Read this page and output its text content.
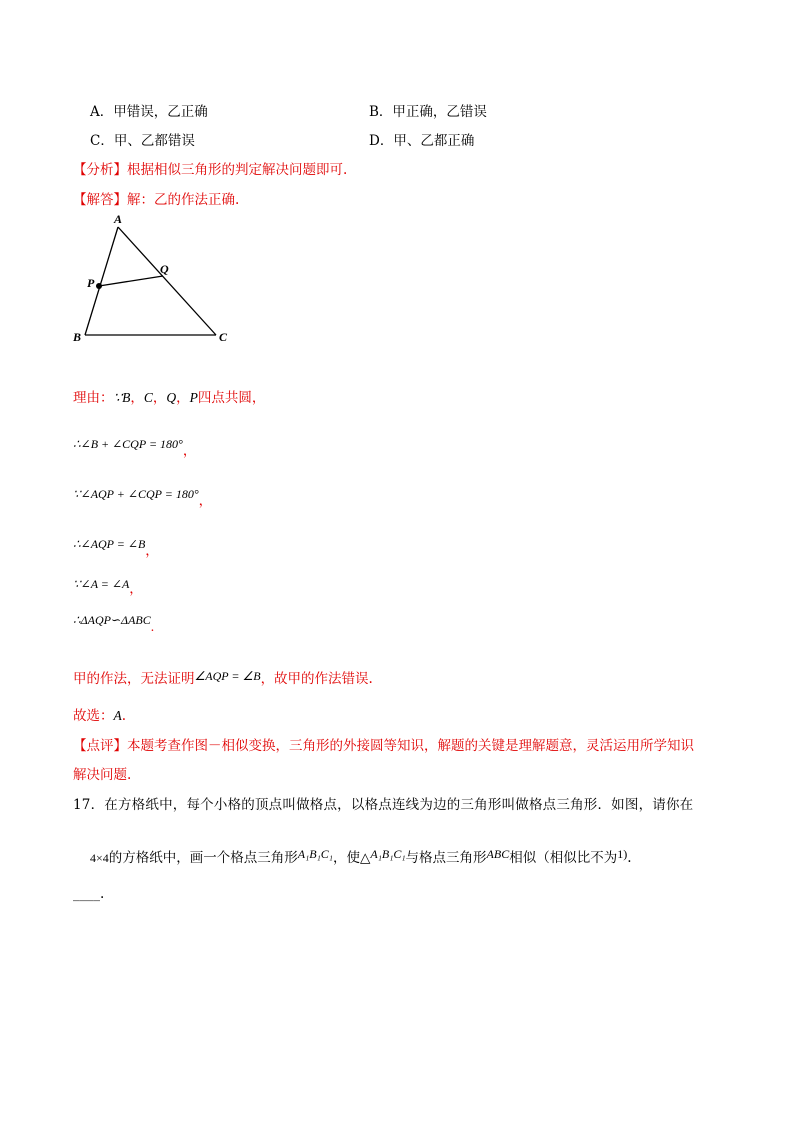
A．甲错误，乙正确	B．甲正确，乙错误
C．甲、乙都错误	D．甲、乙都正确
【分析】根据相似三角形的判定解决问题即可.
【解答】解：乙的作法正确.
A
B	C
P
Q
理由：∵B，C，Q，P四点共圆，
∴∠B + ∠CQP = 180°，
∵∠AQP + ∠CQP = 180°，
∴∠AQP = ∠B，
∵∠A = ∠A，
∴ΔAQP∽ΔABC.
甲的作法，无法证明∠AQP = ∠B，故甲的作法错误.
故选：A.
【点评】本题考查作图－相似变换，三角形的外接圆等知识，解题的关键是理解题意，灵活运用所学知识
解决问题.
17．在方格纸中，每个小格的顶点叫做格点，以格点连线为边的三角形叫做格点三角形．如图，请你在
4×4的方格纸中，画一个格点三角形A₁B₁C₁，使△A₁B₁C₁与格点三角形ABC相似（相似比不为1).
____.
